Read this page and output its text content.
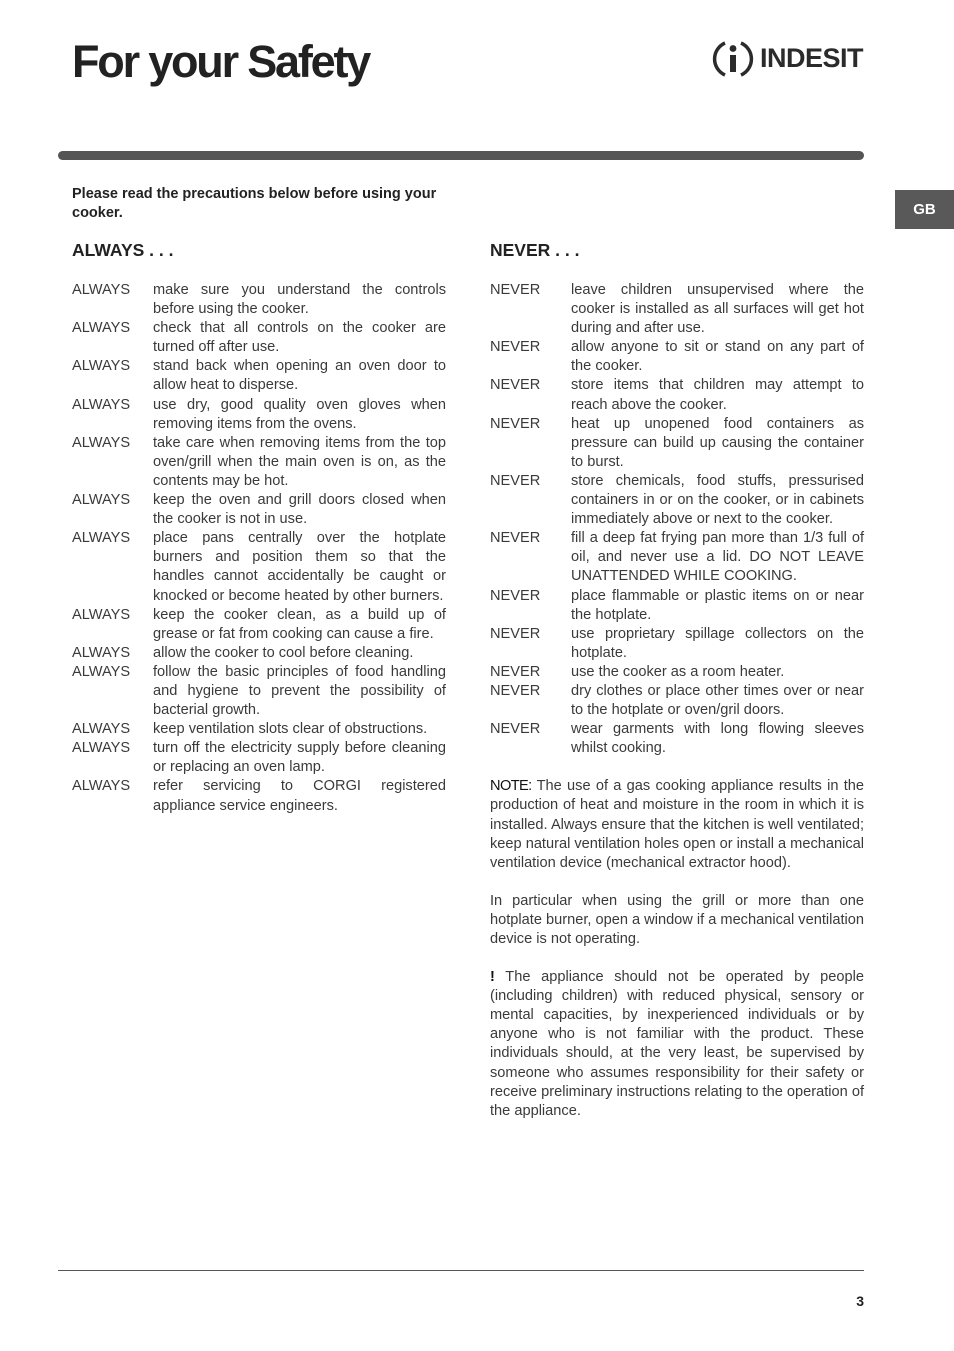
For your Safety	INDESIT
GB

Please read the precautions below before using your cooker.

ALWAYS . . .
ALWAYS	make sure you understand the controls before using the cooker.
ALWAYS	check that all controls on the cooker are turned off after use.
ALWAYS	stand back when opening an oven door to allow heat to disperse.
ALWAYS	use dry, good quality oven gloves when removing items from the ovens.
ALWAYS	take care when removing items from the top oven/grill when the main oven is on, as the contents may be hot.
ALWAYS	keep the oven and grill doors closed when the cooker is not in use.
ALWAYS	place pans centrally over the hotplate burners and position them so that the handles cannot accidentally be caught or knocked or become heated by other burners.
ALWAYS	keep the cooker clean, as a build up of grease or fat from cooking can cause a fire.
ALWAYS	allow the cooker to cool before cleaning.
ALWAYS	follow the basic principles of food handling and hygiene to prevent the possibility of bacterial growth.
ALWAYS	keep ventilation slots clear of obstructions.
ALWAYS	turn off the electricity supply before cleaning or replacing an oven lamp.
ALWAYS	refer servicing to CORGI registered appliance service engineers.
NEVER . . .
NEVER	leave children unsupervised where the cooker is installed as all surfaces will get hot during and after use.
NEVER	allow anyone to sit or stand on any part of the cooker.
NEVER	store items that children may attempt to reach above the cooker.
NEVER	heat up unopened food containers as pressure can build up causing the container to burst.
NEVER	store chemicals, food stuffs, pressurised containers in or on the cooker, or in cabinets immediately above or next to the cooker.
NEVER	fill a deep fat frying pan more than 1/3 full of oil, and never use a lid. DO NOT LEAVE UNATTENDED WHILE COOKING.
NEVER	place flammable or plastic items on or near the hotplate.
NEVER	use proprietary spillage collectors on the hotplate.
NEVER	use the cooker as a room heater.
NEVER	dry clothes or place other times over or near to the hotplate or oven/gril doors.
NEVER	wear garments with long flowing sleeves whilst cooking.

NOTE: The use of a gas cooking appliance results in the production of heat and moisture in the room in which it is installed. Always ensure that the kitchen is well ventilated; keep natural ventilation holes open or install a mechanical ventilation device (mechanical extractor hood).

In particular when using the grill or more than one hotplate burner, open a window if a mechanical ventilation device is not operating.

! The appliance should not be operated by people (including children) with reduced physical, sensory or mental capacities, by inexperienced individuals or by anyone who is not familiar with the product. These individuals should, at the very least, be supervised by someone who assumes responsibility for their safety or receive preliminary instructions relating to the operation of the appliance.

3
